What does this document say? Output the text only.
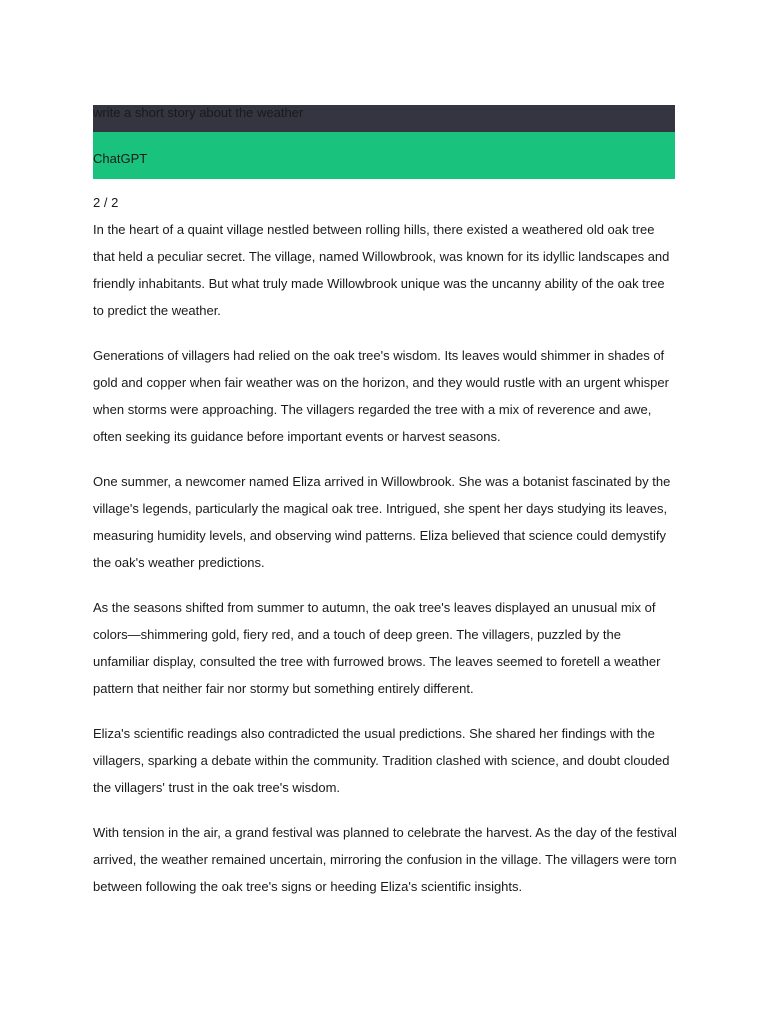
write a short story about the weather
ChatGPT
2 / 2

In the heart of a quaint village nestled between rolling hills, there existed a weathered old oak tree that held a peculiar secret. The village, named Willowbrook, was known for its idyllic landscapes and friendly inhabitants. But what truly made Willowbrook unique was the uncanny ability of the oak tree to predict the weather.

Generations of villagers had relied on the oak tree's wisdom. Its leaves would shimmer in shades of gold and copper when fair weather was on the horizon, and they would rustle with an urgent whisper when storms were approaching. The villagers regarded the tree with a mix of reverence and awe, often seeking its guidance before important events or harvest seasons.

One summer, a newcomer named Eliza arrived in Willowbrook. She was a botanist fascinated by the village's legends, particularly the magical oak tree. Intrigued, she spent her days studying its leaves, measuring humidity levels, and observing wind patterns. Eliza believed that science could demystify the oak's weather predictions.

As the seasons shifted from summer to autumn, the oak tree's leaves displayed an unusual mix of colors—shimmering gold, fiery red, and a touch of deep green. The villagers, puzzled by the unfamiliar display, consulted the tree with furrowed brows. The leaves seemed to foretell a weather pattern that neither fair nor stormy but something entirely different.

Eliza's scientific readings also contradicted the usual predictions. She shared her findings with the villagers, sparking a debate within the community. Tradition clashed with science, and doubt clouded the villagers' trust in the oak tree's wisdom.

With tension in the air, a grand festival was planned to celebrate the harvest. As the day of the festival arrived, the weather remained uncertain, mirroring the confusion in the village. The villagers were torn between following the oak tree's signs or heeding Eliza's scientific insights.
